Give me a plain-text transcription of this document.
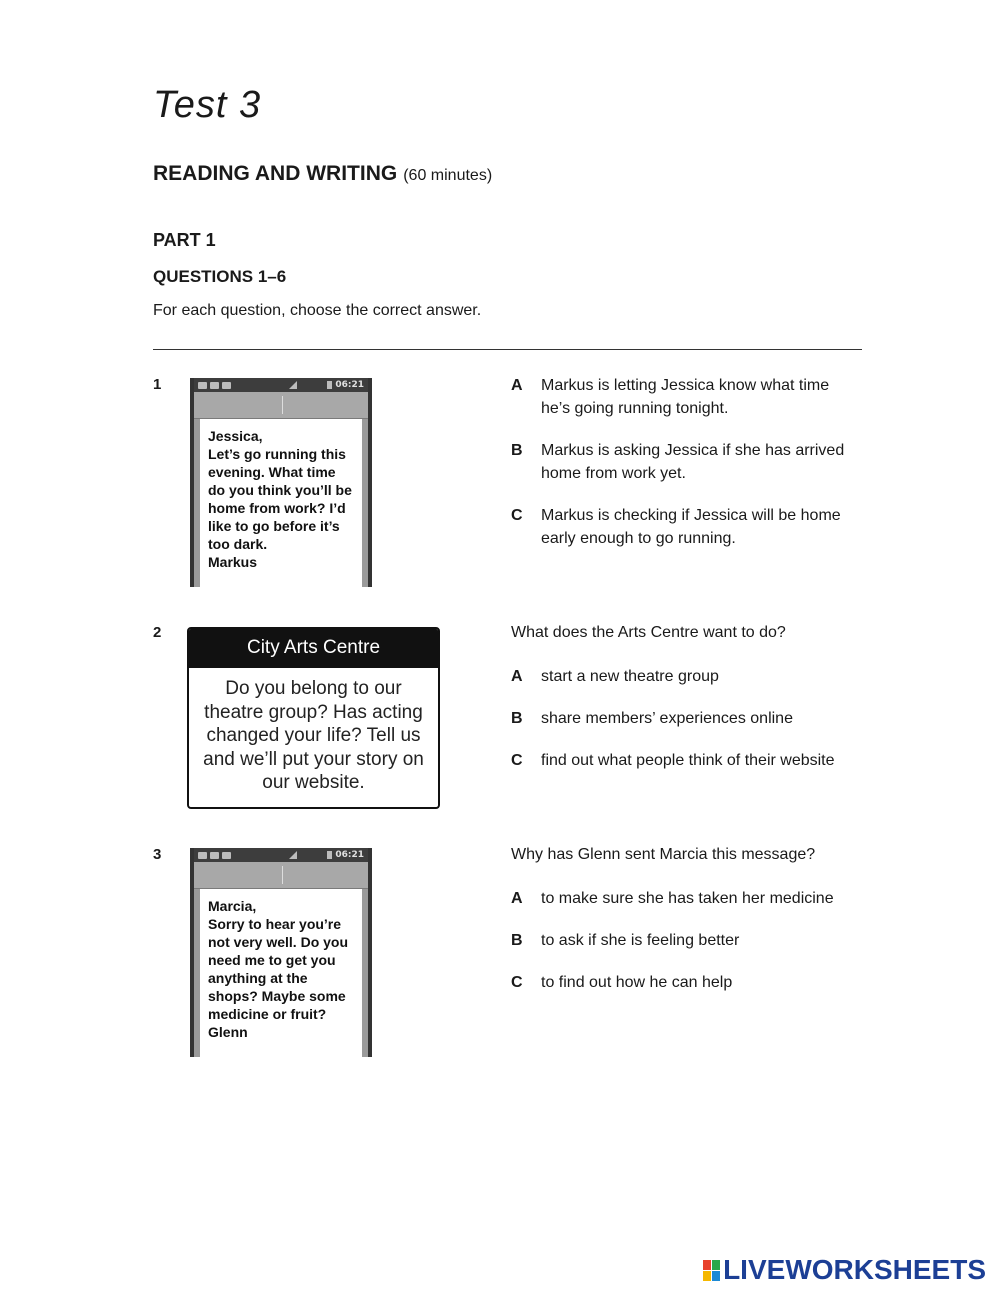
Test 3
READING AND WRITING (60 minutes)
PART 1
QUESTIONS 1–6
For each question, choose the correct answer.
1	06:21
Jessica,
Let’s go running this evening. What time do you think you’ll be home from work? I’d like to go before it’s too dark.
Markus
A	Markus is letting Jessica know what time he’s going running tonight.
B	Markus is asking Jessica if she has arrived home from work yet.
C	Markus is checking if Jessica will be home early enough to go running.
2
City Arts Centre
Do you belong to our theatre group? Has acting changed your life? Tell us and we’ll put your story on our website.
What does the Arts Centre want to do?
A	start a new theatre group
B	share members’ experiences online
C	find out what people think of their website
3	06:21
Marcia,
Sorry to hear you’re not very well. Do you need me to get you anything at the shops? Maybe some medicine or fruit?
Glenn
Why has Glenn sent Marcia this message?
A	to make sure she has taken her medicine
B	to ask if she is feeling better
C	to find out how he can help
LIVEWORKSHEETS
